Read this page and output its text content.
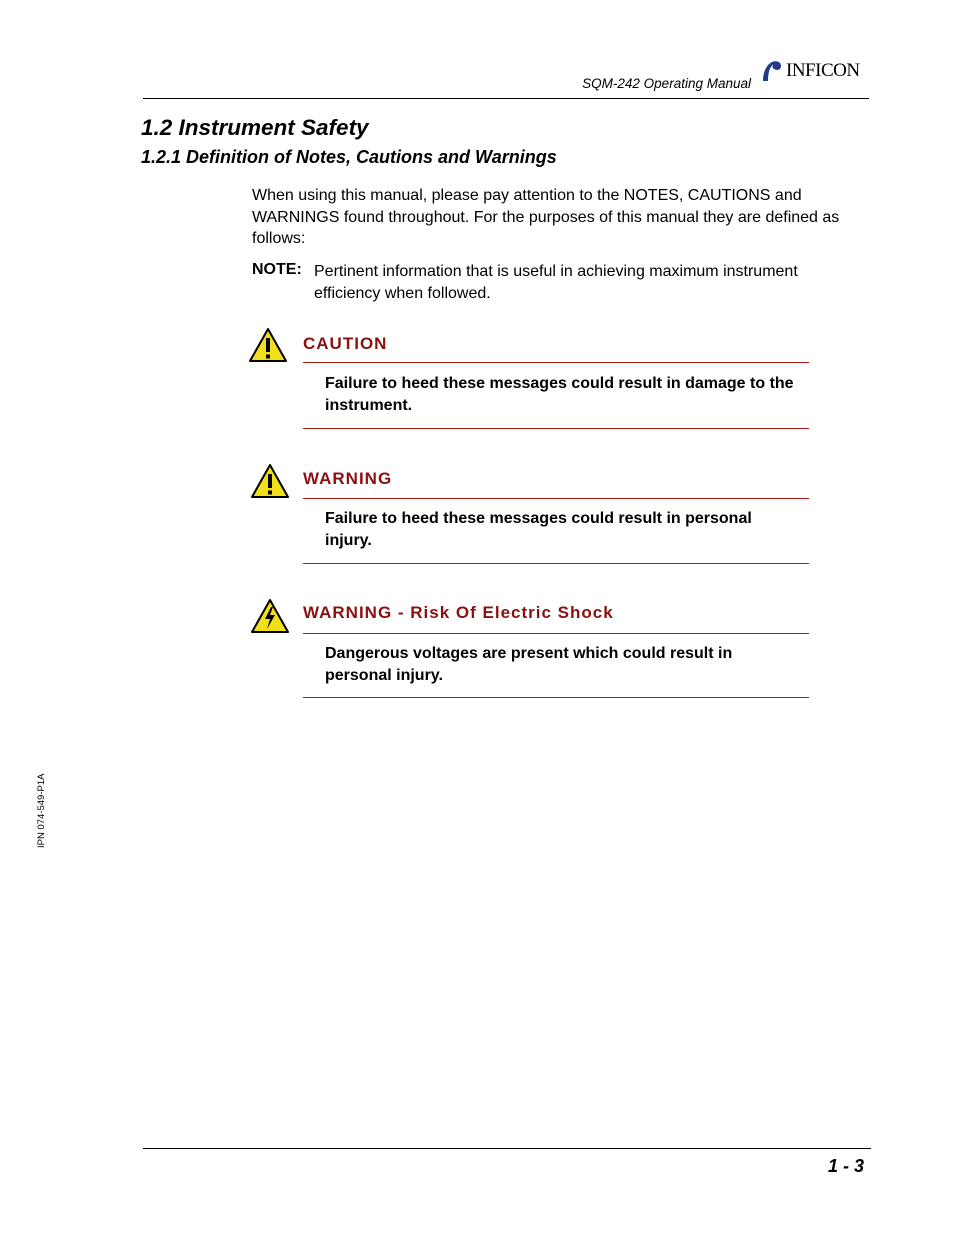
SQM-242 Operating Manual
INFICON
1.2 Instrument Safety
1.2.1 Definition of Notes, Cautions and Warnings
When using this manual, please pay attention to the NOTES, CAUTIONS and WARNINGS found throughout. For the purposes of this manual they are defined as follows:
NOTE: Pertinent information that is useful in achieving maximum instrument efficiency when followed.
CAUTION
Failure to heed these messages could result in damage to the instrument.
WARNING
Failure to heed these messages could result in personal injury.
WARNING - Risk Of Electric Shock
Dangerous voltages are present which could result in personal injury.
IPN 074-549-P1A
1 - 3
